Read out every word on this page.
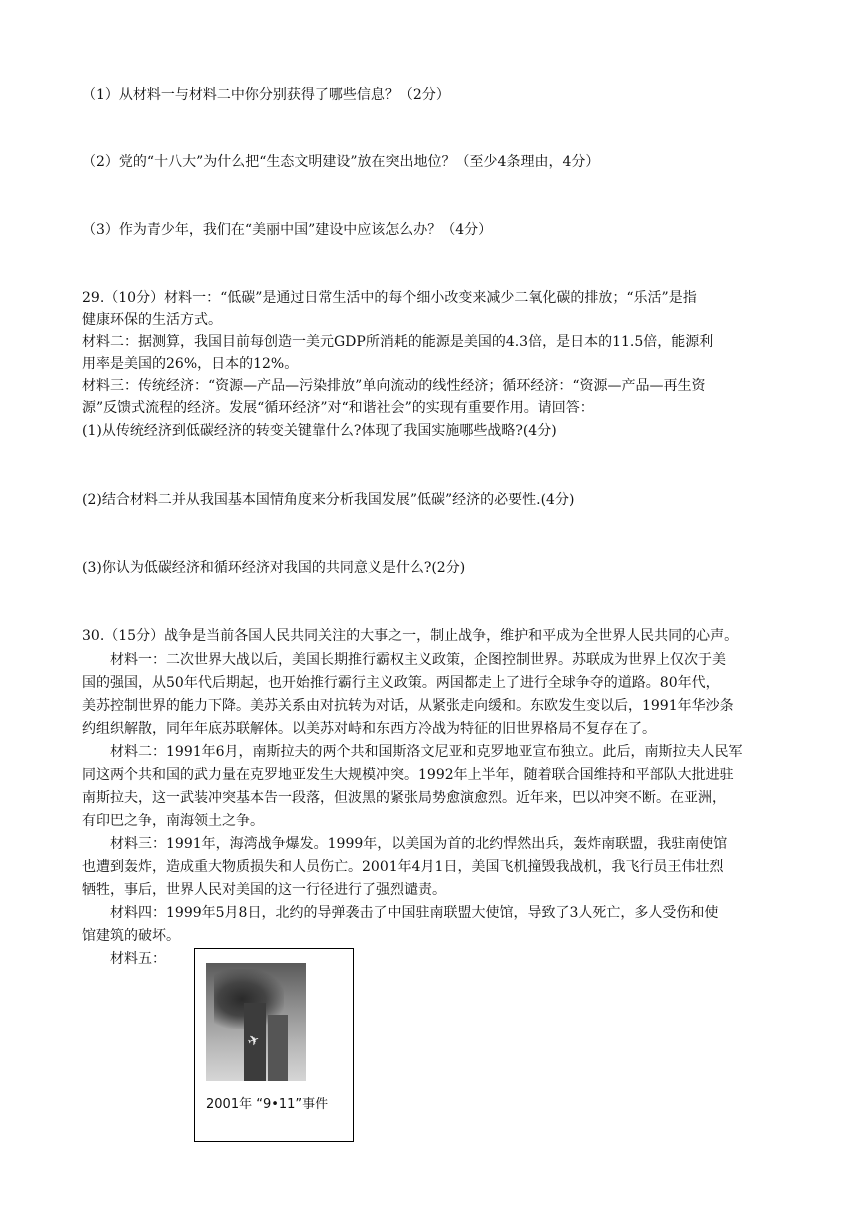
（1）从材料一与材料二中你分别获得了哪些信息？（2分）
（2）党的“十八大”为什么把“生态文明建设”放在突出地位？（至少4条理由，4分）
（3）作为青少年，我们在“美丽中国”建设中应该怎么办？（4分）
29.（10分）材料一：“低碳”是通过日常生活中的每个细小改变来减少二氧化碳的排放；“乐活”是指
健康环保的生活方式。
材料二：据测算，我国目前每创造一美元GDP所消耗的能源是美国的4.3倍，是日本的11.5倍，能源利
用率是美国的26%，日本的12%。
材料三：传统经济：“资源—产品—污染排放”单向流动的线性经济；循环经济：“资源—产品—再生资
源”反馈式流程的经济。发展“循环经济”对“和谐社会”的实现有重要作用。请回答：
(1)从传统经济到低碳经济的转变关键靠什么?体现了我国实施哪些战略?(4分)
(2)结合材料二并从我国基本国情角度来分析我国发展”低碳”经济的必要性.(4分)
(3)你认为低碳经济和循环经济对我国的共同意义是什么?(2分)
30.（15分）战争是当前各国人民共同关注的大事之一，制止战争，维护和平成为全世界人民共同的心声。
材料一：二次世界大战以后，美国长期推行霸权主义政策，企图控制世界。苏联成为世界上仅次于美
国的强国，从50年代后期起，也开始推行霸行主义政策。两国都走上了进行全球争夺的道路。80年代，
美苏控制世界的能力下降。美苏关系由对抗转为对话，从紧张走向缓和。东欧发生变以后，1991年华沙条
约组织解散，同年年底苏联解体。以美苏对峙和东西方冷战为特征的旧世界格局不复存在了。
材料二：1991年6月，南斯拉夫的两个共和国斯洛文尼亚和克罗地亚宣布独立。此后，南斯拉夫人民军
同这两个共和国的武力量在克罗地亚发生大规模冲突。1992年上半年，随着联合国维持和平部队大批进驻
南斯拉夫，这一武装冲突基本告一段落，但波黑的紧张局势愈演愈烈。近年来，巴以冲突不断。在亚洲，
有印巴之争，南海领土之争。
材料三：1991年，海湾战争爆发。1999年，以美国为首的北约悍然出兵，轰炸南联盟，我驻南使馆
也遭到轰炸，造成重大物质损失和人员伤亡。2001年4月1日，美国飞机撞毁我战机，我飞行员王伟壮烈
牺牲，事后，世界人民对美国的这一行径进行了强烈谴责。
材料四：1999年5月8日，北约的导弹袭击了中国驻南联盟大使馆，导致了3人死亡，多人受伤和使
馆建筑的破坏。
材料五：
✈
2001年 “9•11”事件
